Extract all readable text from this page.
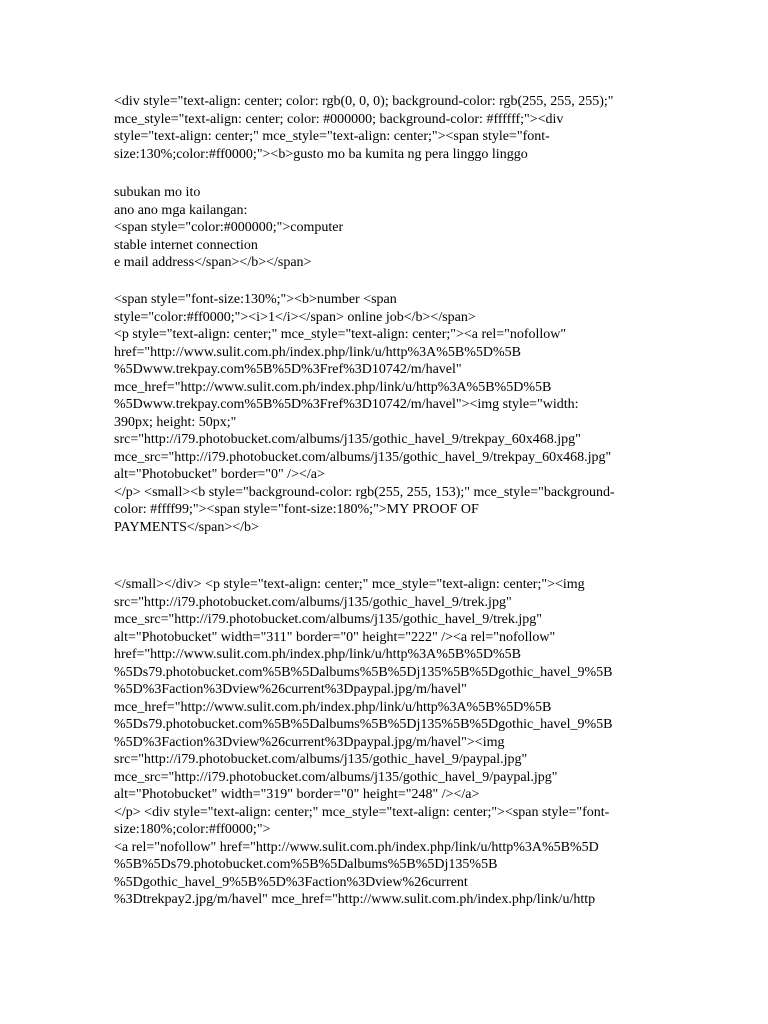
<div style="text-align: center; color: rgb(0, 0, 0); background-color: rgb(255, 255, 255);"
mce_style="text-align: center; color: #000000; background-color: #ffffff;"><div
style="text-align: center;" mce_style="text-align: center;"><span style="font-
size:130%;color:#ff0000;"><b>gusto mo ba kumita ng pera linggo linggo
subukan mo ito
ano ano mga kailangan:
<span style="color:#000000;">computer
stable internet connection
e mail address</span></b></span>
<span style="font-size:130%;"><b>number <span
style="color:#ff0000;"><i>1</i></span> online job</b></span>
<p style="text-align: center;" mce_style="text-align: center;"><a rel="nofollow"
href="http://www.sulit.com.ph/index.php/link/u/http%3A%5B%5D%5B
%5Dwww.trekpay.com%5B%5D%3Fref%3D10742/m/havel"
mce_href="http://www.sulit.com.ph/index.php/link/u/http%3A%5B%5D%5B
%5Dwww.trekpay.com%5B%5D%3Fref%3D10742/m/havel"><img style="width:
390px; height: 50px;"
src="http://i79.photobucket.com/albums/j135/gothic_havel_9/trekpay_60x468.jpg"
mce_src="http://i79.photobucket.com/albums/j135/gothic_havel_9/trekpay_60x468.jpg"
alt="Photobucket" border="0" /></a>
</p> <small><b style="background-color: rgb(255, 255, 153);" mce_style="background-
color: #ffff99;"><span style="font-size:180%;">MY PROOF OF
PAYMENTS</span></b>
</small></div> <p style="text-align: center;" mce_style="text-align: center;"><img
src="http://i79.photobucket.com/albums/j135/gothic_havel_9/trek.jpg"
mce_src="http://i79.photobucket.com/albums/j135/gothic_havel_9/trek.jpg"
alt="Photobucket" width="311" border="0" height="222" /><a rel="nofollow"
href="http://www.sulit.com.ph/index.php/link/u/http%3A%5B%5D%5B
%5Ds79.photobucket.com%5B%5Dalbums%5B%5Dj135%5B%5Dgothic_havel_9%5B
%5D%3Faction%3Dview%26current%3Dpaypal.jpg/m/havel"
mce_href="http://www.sulit.com.ph/index.php/link/u/http%3A%5B%5D%5B
%5Ds79.photobucket.com%5B%5Dalbums%5B%5Dj135%5B%5Dgothic_havel_9%5B
%5D%3Faction%3Dview%26current%3Dpaypal.jpg/m/havel"><img
src="http://i79.photobucket.com/albums/j135/gothic_havel_9/paypal.jpg"
mce_src="http://i79.photobucket.com/albums/j135/gothic_havel_9/paypal.jpg"
alt="Photobucket" width="319" border="0" height="248" /></a>
</p> <div style="text-align: center;" mce_style="text-align: center;"><span style="font-
size:180%;color:#ff0000;">
<a rel="nofollow" href="http://www.sulit.com.ph/index.php/link/u/http%3A%5B%5D
%5B%5Ds79.photobucket.com%5B%5Dalbums%5B%5Dj135%5B
%5Dgothic_havel_9%5B%5D%3Faction%3Dview%26current
%3Dtrekpay2.jpg/m/havel" mce_href="http://www.sulit.com.ph/index.php/link/u/http
